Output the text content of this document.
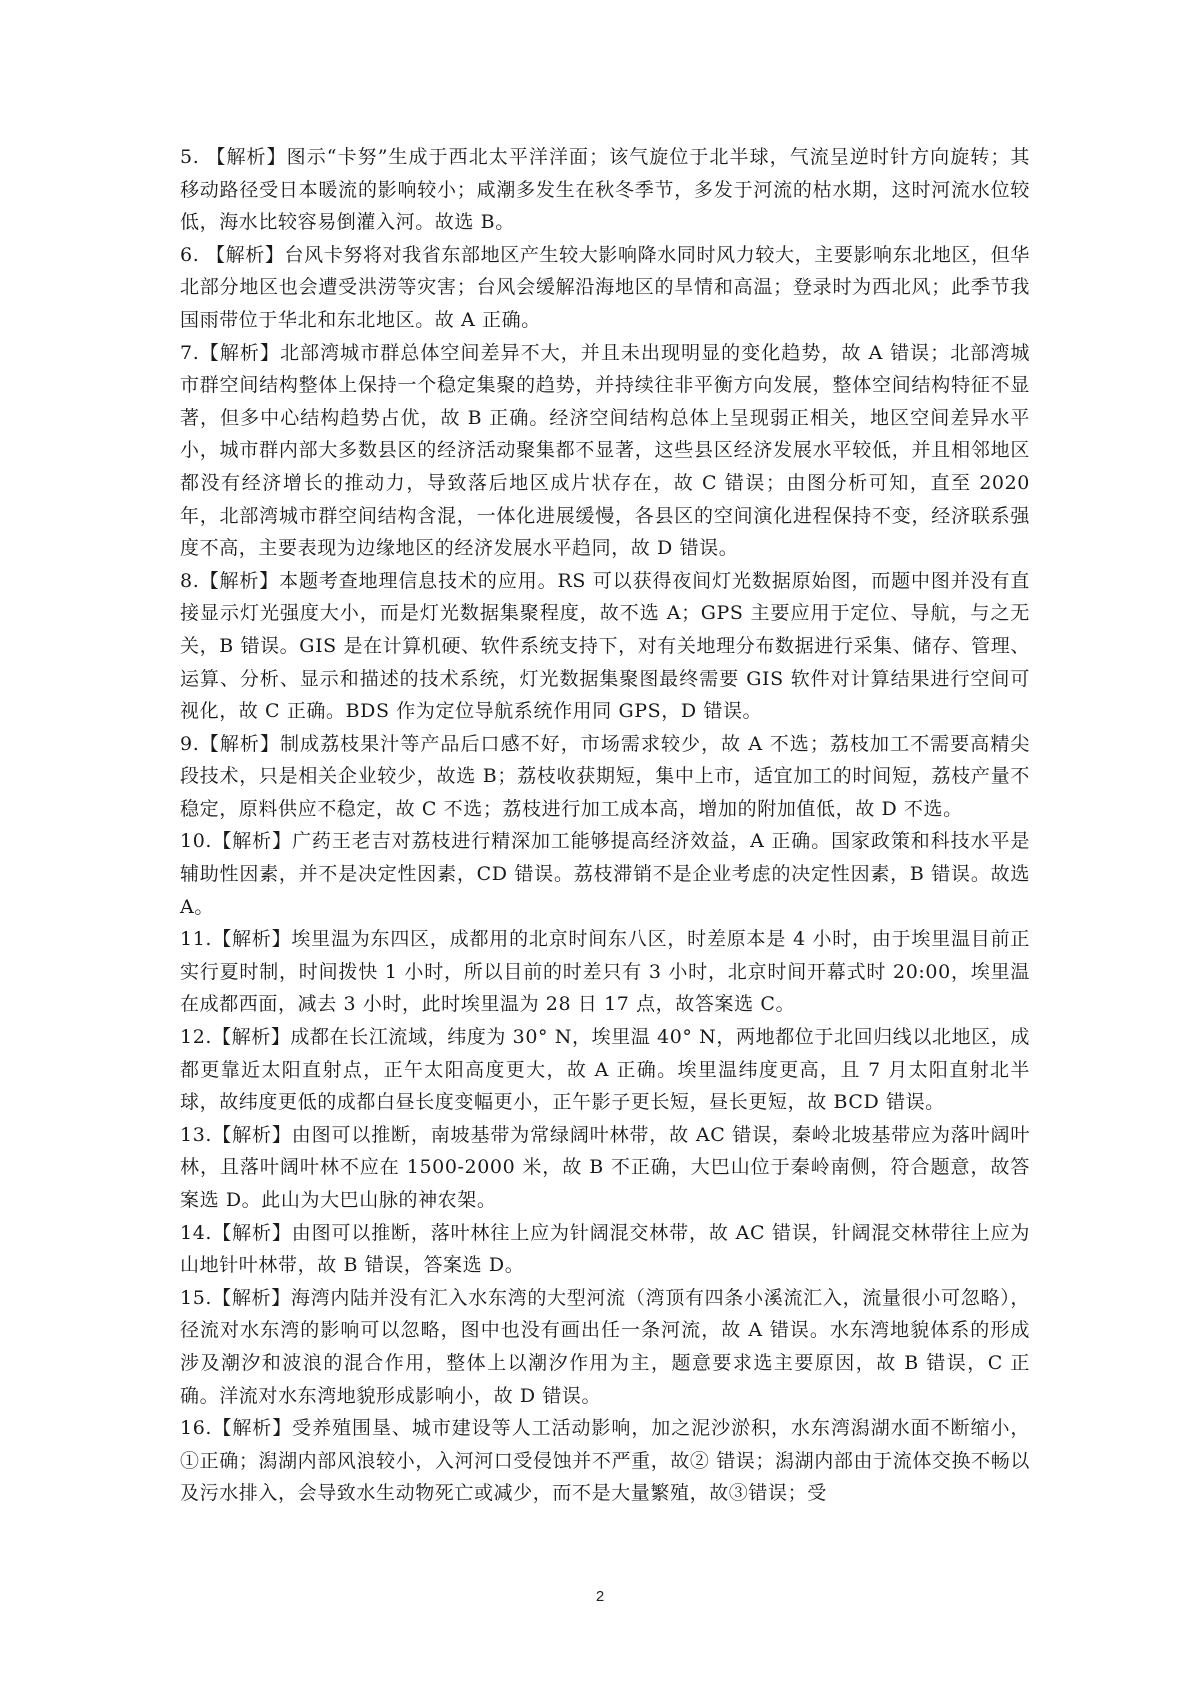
5. 【解析】图示“卡努”生成于西北太平洋洋面；该气旋位于北半球，气流呈逆时针方向旋转；其移动路径受日本暖流的影响较小；咸潮多发生在秋冬季节，多发于河流的枯水期，这时河流水位较低，海水比较容易倒灌入河。故选 B。

6. 【解析】台风卡努将对我省东部地区产生较大影响降水同时风力较大，主要影响东北地区，但华北部分地区也会遭受洪涝等灾害；台风会缓解沿海地区的旱情和高温；登录时为西北风；此季节我国雨带位于华北和东北地区。故 A 正确。

7.【解析】北部湾城市群总体空间差异不大，并且未出现明显的变化趋势，故 A 错误；北部湾城市群空间结构整体上保持一个稳定集聚的趋势，并持续往非平衡方向发展，整体空间结构特征不显著，但多中心结构趋势占优，故 B 正确。经济空间结构总体上呈现弱正相关，地区空间差异水平小，城市群内部大多数县区的经济活动聚集都不显著，这些县区经济发展水平较低，并且相邻地区都没有经济增长的推动力，导致落后地区成片状存在，故 C 错误；由图分析可知，直至 2020 年，北部湾城市群空间结构含混，一体化进展缓慢，各县区的空间演化进程保持不变，经济联系强度不高，主要表现为边缘地区的经济发展水平趋同，故 D 错误。

8.【解析】本题考查地理信息技术的应用。RS 可以获得夜间灯光数据原始图，而题中图并没有直接显示灯光强度大小，而是灯光数据集聚程度，故不选 A；GPS 主要应用于定位、导航，与之无关，B 错误。GIS 是在计算机硬、软件系统支持下，对有关地理分布数据进行采集、储存、管理、运算、分析、显示和描述的技术系统，灯光数据集聚图最终需要 GIS 软件对计算结果进行空间可视化，故 C 正确。BDS 作为定位导航系统作用同 GPS，D 错误。

9.【解析】制成荔枝果汁等产品后口感不好，市场需求较少，故 A 不选；荔枝加工不需要高精尖段技术，只是相关企业较少，故选 B；荔枝收获期短，集中上市，适宜加工的时间短，荔枝产量不稳定，原料供应不稳定，故 C 不选；荔枝进行加工成本高，增加的附加值低，故 D 不选。

10.【解析】广药王老吉对荔枝进行精深加工能够提高经济效益，A 正确。国家政策和科技水平是辅助性因素，并不是决定性因素，CD 错误。荔枝滞销不是企业考虑的决定性因素，B 错误。故选 A。

11.【解析】埃里温为东四区，成都用的北京时间东八区，时差原本是 4 小时，由于埃里温目前正实行夏时制，时间拨快 1 小时，所以目前的时差只有 3 小时，北京时间开幕式时 20:00，埃里温在成都西面，减去 3 小时，此时埃里温为 28 日 17 点，故答案选 C。

12.【解析】成都在长江流域，纬度为 30° N，埃里温 40° N，两地都位于北回归线以北地区，成都更靠近太阳直射点，正午太阳高度更大，故 A 正确。埃里温纬度更高，且 7 月太阳直射北半球，故纬度更低的成都白昼长度变幅更小，正午影子更长短，昼长更短，故 BCD 错误。

13.【解析】由图可以推断，南坡基带为常绿阔叶林带，故 AC 错误，秦岭北坡基带应为落叶阔叶林，且落叶阔叶林不应在 1500-2000 米，故 B 不正确，大巴山位于秦岭南侧，符合题意，故答案选 D。此山为大巴山脉的神农架。

14.【解析】由图可以推断，落叶林往上应为针阔混交林带，故 AC 错误，针阔混交林带往上应为山地针叶林带，故 B 错误，答案选 D。

15.【解析】海湾内陆并没有汇入水东湾的大型河流（湾顶有四条小溪流汇入，流量很小可忽略），径流对水东湾的影响可以忽略，图中也没有画出任一条河流，故 A 错误。水东湾地貌体系的形成涉及潮汐和波浪的混合作用，整体上以潮汐作用为主，题意要求选主要原因，故 B 错误，C 正确。洋流对水东湾地貌形成影响小，故 D 错误。

16.【解析】受养殖围垦、城市建设等人工活动影响，加之泥沙淤积，水东湾潟湖水面不断缩小，①正确；潟湖内部风浪较小，入河河口受侵蚀并不严重，故② 错误；潟湖内部由于流体交换不畅以及污水排入，会导致水生动物死亡或减少，而不是大量繁殖，故③错误；受

2
